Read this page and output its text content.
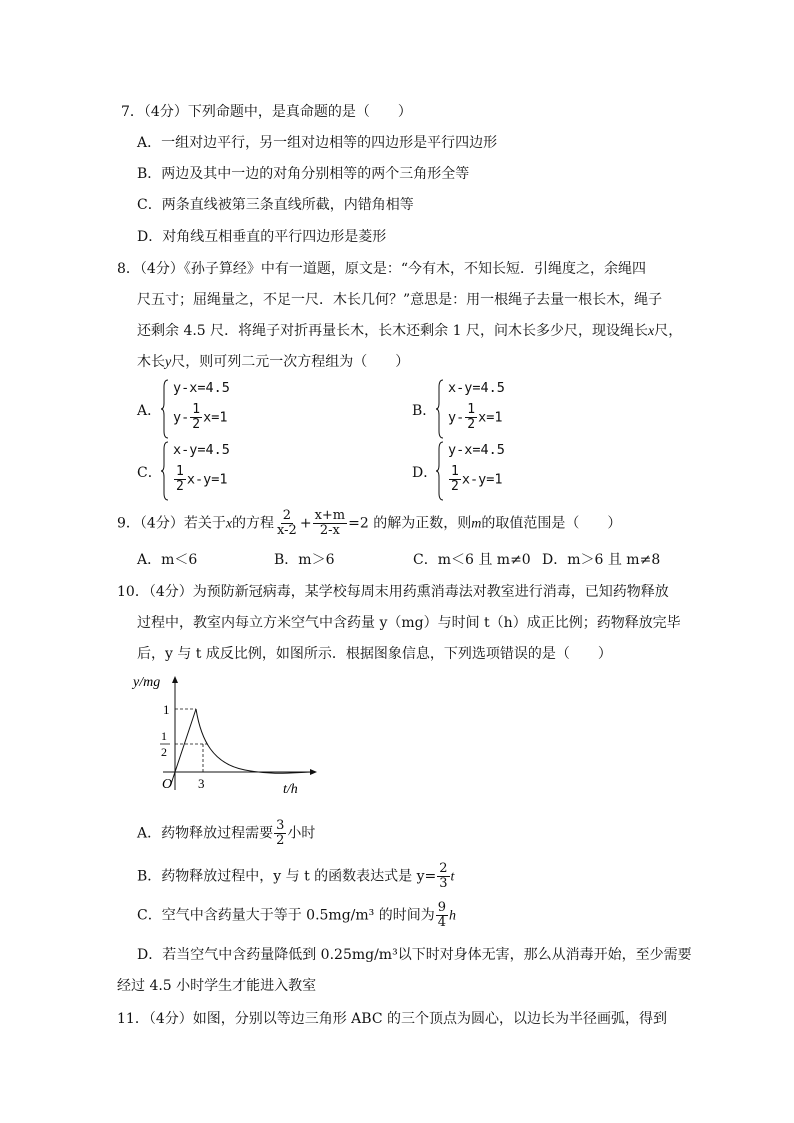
7．（4分）下列命题中，是真命题的是（　　）
A．一组对边平行，另一组对边相等的四边形是平行四边形
B．两边及其中一边的对角分别相等的两个三角形全等
C．两条直线被第三条直线所截，内错角相等
D．对角线互相垂直的平行四边形是菱形
8．（4分）《孙子算经》中有一道题，原文是：“今有木，不知长短．引绳度之，余绳四
尺五寸；屈绳量之，不足一尺．木长几何？”意思是：用一根绳子去量一根长木，绳子
还剩余 4.5 尺．将绳子对折再量长木，长木还剩余 1 尺，问木长多少尺，现设绳长x尺，
木长y尺，则可列二元一次方程组为（　　）
A．
y-x=4.5
$y- \frac{1}{2} x=1$	B．
x-y=4.5
$y- \frac{1}{2} x=1$
C．
x-y=4.5
$\frac{1}{2} x-y=1$	D．
y-x=4.5
$\frac{1}{2} x-y=1$
9．（4分）若关于x的方程 $\frac{2}{x-2} + \frac{x+m}{2-x} =2$ 的解为正数，则m的取值范围是（　　）
A．m＜6	B．m＞6	C．m＜6 且 m≠0 D．m＞6 且 m≠8
10．（4分）为预防新冠病毒，某学校每周末用药熏消毒法对教室进行消毒，已知药物释放
过程中，教室内每立方米空气中含药量 y（mg）与时间 t（h）成正比例；药物释放完毕
后，y 与 t 成反比例，如图所示．根据图象信息，下列选项错误的是（　　）
y/mg
1
1
2
O 3	t/h
A．药物释放过程需要 $\frac{3}{2}$ 小时
B．药物释放过程中，y 与 t 的函数表达式是 $y= \frac{2}{3}$ t
C．空气中含药量大于等于 0.5mg/m³ 的时间为 $\frac{9}{4}$ h
D．若当空气中含药量降低到 0.25mg/m³以下时对身体无害，那么从消毒开始，至少需要
经过 4.5 小时学生才能进入教室
11．（4分）如图，分别以等边三角形 ABC 的三个顶点为圆心，以边长为半径画弧，得到
